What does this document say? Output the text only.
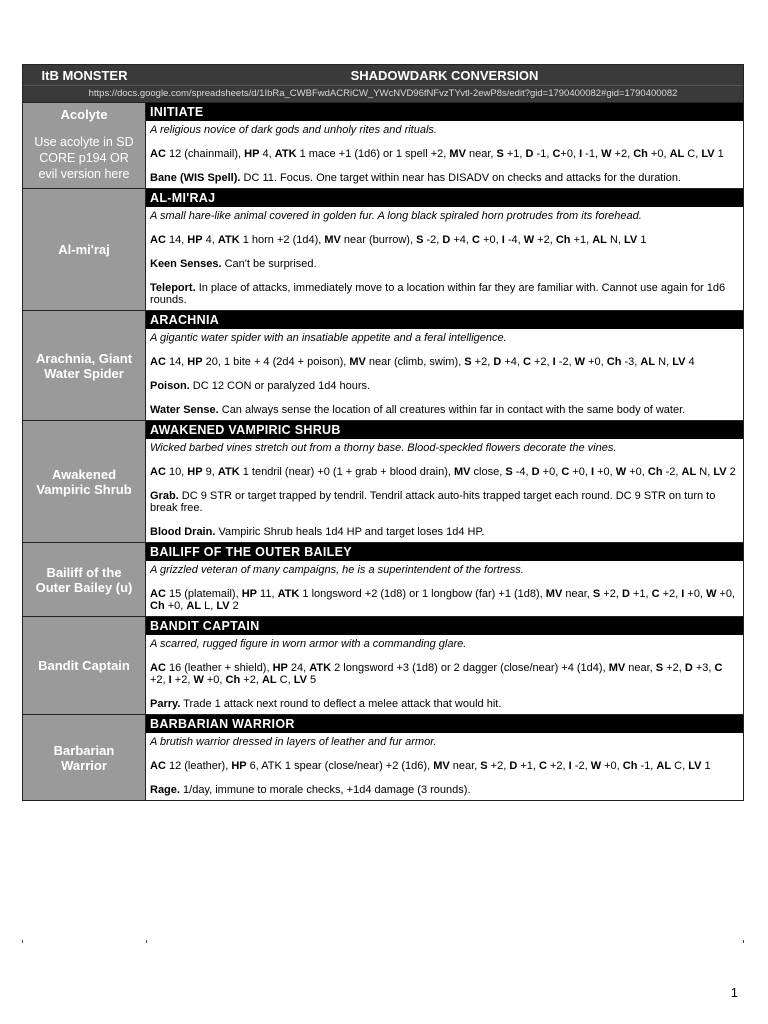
ItB MONSTER	SHADOWDARK CONVERSION
https://docs.google.com/spreadsheets/d/1IbRa_CWBFwdACRiCW_YWcNVD96fNFvzTYvtl-2ewP8s/edit?gid=1790400082#gid=1790400082
Acolyte
Use acolyte in SD CORE p194 OR evil version here
INITIATE
A religious novice of dark gods and unholy rites and rituals.
AC 12 (chainmail), HP 4, ATK 1 mace +1 (1d6) or 1 spell +2, MV near, S +1, D -1, C+0, I -1, W +2, Ch +0, AL C, LV 1
Bane (WIS Spell). DC 11. Focus. One target within near has DISADV on checks and attacks for the duration.
Al-mi'raj
AL-MI'RAJ
A small hare-like animal covered in golden fur. A long black spiraled horn protrudes from its forehead.
AC 14, HP 4, ATK 1 horn +2 (1d4), MV near (burrow), S -2, D +4, C +0, I -4, W +2, Ch +1, AL N, LV 1
Keen Senses. Can't be surprised.
Teleport. In place of attacks, immediately move to a location within far they are familiar with. Cannot use again for 1d6 rounds.
Arachnia, Giant Water Spider
ARACHNIA
A gigantic water spider with an insatiable appetite and a feral intelligence.
AC 14, HP 20, 1 bite + 4 (2d4 + poison), MV near (climb, swim), S +2, D +4, C +2, I -2, W +0, Ch -3, AL N, LV 4
Poison. DC 12 CON or paralyzed 1d4 hours.
Water Sense. Can always sense the location of all creatures within far in contact with the same body of water.
Awakened Vampiric Shrub
AWAKENED VAMPIRIC SHRUB
Wicked barbed vines stretch out from a thorny base. Blood-speckled flowers decorate the vines.
AC 10, HP 9, ATK 1 tendril (near) +0 (1 + grab + blood drain), MV close, S -4, D +0, C +0, I +0, W +0, Ch -2, AL N, LV 2
Grab. DC 9 STR or target trapped by tendril. Tendril attack auto-hits trapped target each round. DC 9 STR on turn to break free.
Blood Drain. Vampiric Shrub heals 1d4 HP and target loses 1d4 HP.
Bailiff of the Outer Bailey (u)
BAILIFF OF THE OUTER BAILEY
A grizzled veteran of many campaigns, he is a superintendent of the fortress.
AC 15 (platemail), HP 11, ATK 1 longsword +2 (1d8) or 1 longbow (far) +1 (1d8), MV near, S +2, D +1, C +2, I +0, W +0, Ch +0, AL L, LV 2
Bandit Captain
BANDIT CAPTAIN
A scarred, rugged figure in worn armor with a commanding glare.
AC 16 (leather + shield), HP 24, ATK 2 longsword +3 (1d8) or 2 dagger (close/near) +4 (1d4), MV near, S +2, D +3, C +2, I +2, W +0, Ch +2, AL C, LV 5
Parry. Trade 1 attack next round to deflect a melee attack that would hit.
Barbarian Warrior
BARBARIAN WARRIOR
A brutish warrior dressed in layers of leather and fur armor.
AC 12 (leather), HP 6, ATK 1 spear (close/near) +2 (1d6), MV near, S +2, D +1, C +2, I -2, W +0, Ch -1, AL C, LV 1
Rage. 1/day, immune to morale checks, +1d4 damage (3 rounds).
1
